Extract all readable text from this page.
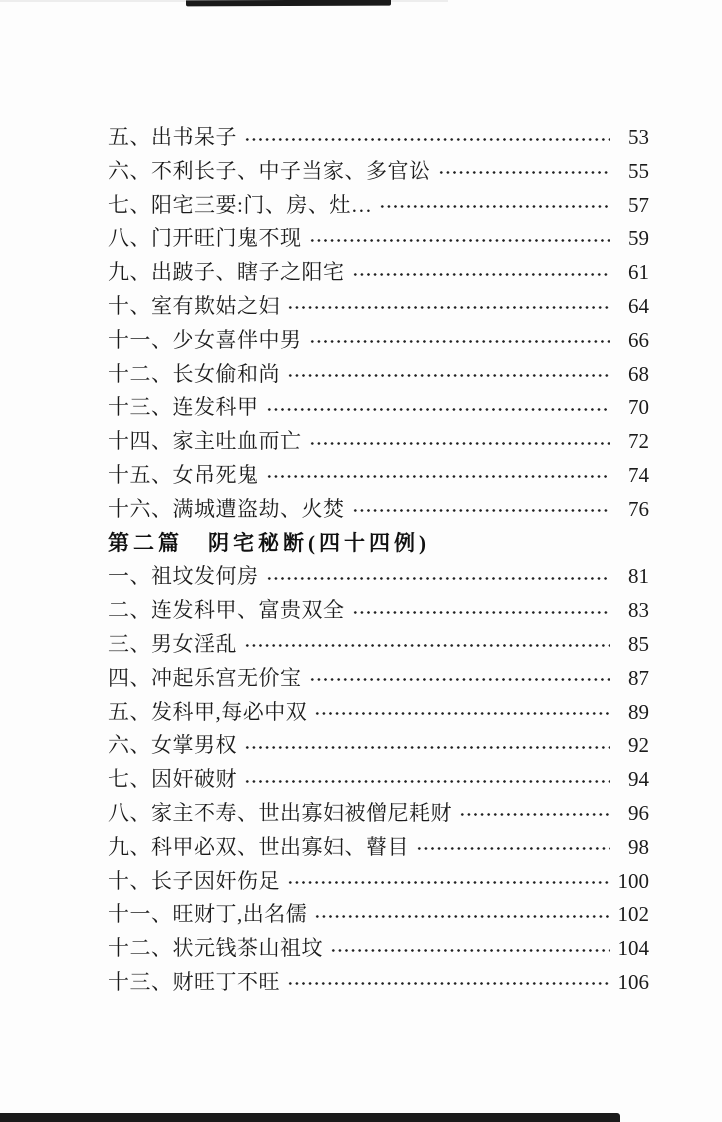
五、出书呆子	53
六、不利长子、中子当家、多官讼	55
七、阳宅三要:门、房、灶…	57
八、门开旺门鬼不现	59
九、出跛子、瞎子之阳宅	61
十、室有欺姑之妇	64
十一、少女喜伴中男	66
十二、长女偷和尚	68
十三、连发科甲	70
十四、家主吐血而亡	72
十五、女吊死鬼	74
十六、满城遭盗劫、火焚	76
第二篇　阴宅秘断(四十四例)
一、祖坟发何房	81
二、连发科甲、富贵双全	83
三、男女淫乱	85
四、冲起乐宫无价宝	87
五、发科甲,每必中双	89
六、女掌男权	92
七、因奸破财	94
八、家主不寿、世出寡妇被僧尼耗财	96
九、科甲必双、世出寡妇、瞽目	98
十、长子因奸伤足	100
十一、旺财丁,出名儒	102
十二、状元钱茶山祖坟	104
十三、财旺丁不旺	106
